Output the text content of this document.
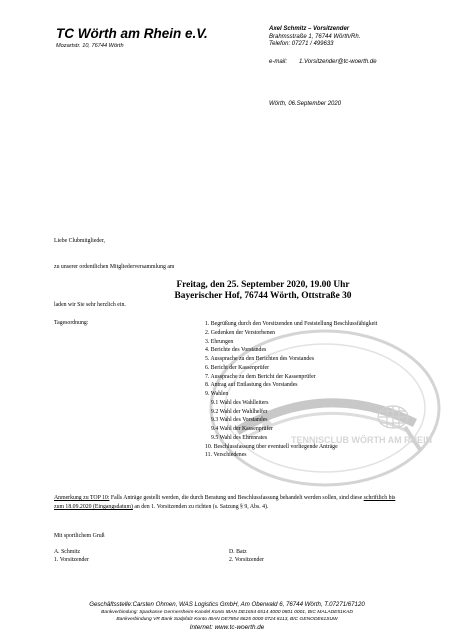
TC Wörth am Rhein e.V.
Mozartstr. 10, 76744 Wörth
Axel Schmitz – Vorsitzender
Brahmsstraße 1, 76744 Wörth/Rh.
Telefon: 07271 / 499633
e-mail: 1.Vorsitzender@tc-woerth.de
Wörth, 06.September 2020
TENNISCLUB WÖRTH AM RHEIN
Liebe Clubmitglieder,
zu unserer ordentlichen Mitgliederversammlung am
Freitag, den 25. September 2020, 19.00 Uhr
Bayerischer Hof, 76744 Wörth, Ottstraße 30
laden wir Sie sehr herzlich ein.
Tagesordnung:	1. Begrüßung durch den Vorsitzenden und Feststellung Beschlussfähigkeit
2. Gedenken der Verstorbenen
3. Ehrungen
4. Berichte des Vorstandes
5. Aussprache zu den Berichten des Vorstandes
6. Bericht der Kassenprüfer
7. Aussprache zu dem Bericht der Kassenprüfer
8. Antrag auf Entlastung des Vorstandes
9. Wahlen
9.1 Wahl des Wahlleiters
9.2 Wahl der Wahlhelfer
9.3 Wahl des Vorstandes
9.4 Wahl der Kassenprüfer
9.5 Wahl des Ehrenrates
10. Beschlussfassung über eventuell vorliegende Anträge
11. Verschiedenes
Anmerkung zu TOP 10: Falls Anträge gestellt werden, die durch Beratung und Beschlussfassung behandelt werden sollen, sind diese schriftlich bis zum 18.09.2020 (Eingangsdatum) an den 1. Vorsitzenden zu richten (s. Satzung § 9, Abs. 4).
Mit sportlichem Gruß
A. Schmitz
1. Vorsitzender
D. Batz
2. Vorsitzender
Geschäftsstelle:Carsten Ohmen, WAS Logistics GmbH, Am Oberwald 6, 76744 Wörth, T.07271/67120
Bankverbindung: Sparkasse Germersheim-Kandel Konto IBAN DE1654 6514 4000 0801 0001, BIC MALADE51KAD
Bankverbindung VR Bank Südpfalz Konto IBAN DE7854 8625 0000 0724 8113, BIC GENODE61SUW
Internet: www.tc-woerth.de
